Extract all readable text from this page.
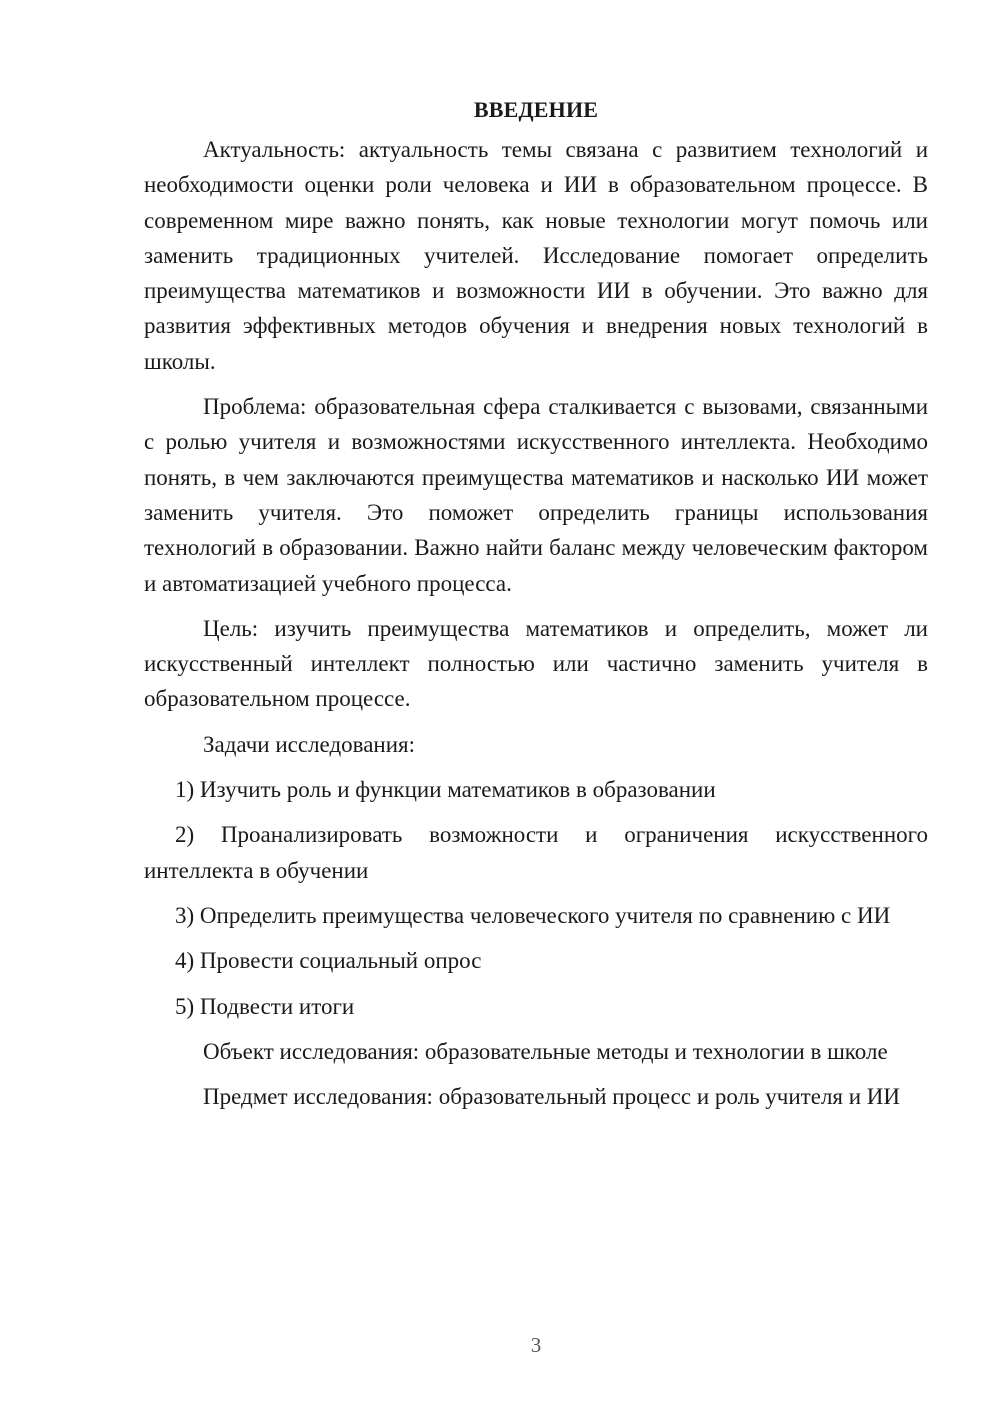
ВВЕДЕНИЕ

Актуальность: актуальность темы связана с развитием технологий и необходимости оценки роли человека и ИИ в образовательном процессе. В современном мире важно понять, как новые технологии могут помочь или заменить традиционных учителей. Исследование помогает определить преимущества математиков и возможности ИИ в обучении. Это важно для развития эффективных методов обучения и внедрения новых технологий в школы.

Проблема: образовательная сфера сталкивается с вызовами, связанными с ролью учителя и возможностями искусственного интеллекта. Необходимо понять, в чем заключаются преимущества математиков и насколько ИИ может заменить учителя. Это поможет определить границы использования технологий в образовании. Важно найти баланс между человеческим фактором и автоматизацией учебного процесса.

Цель: изучить преимущества математиков и определить, может ли искусственный интеллект полностью или частично заменить учителя в образовательном процессе.

Задачи исследования:

1) Изучить роль и функции математиков в образовании

2) Проанализировать возможности и ограничения искусственного интеллекта в обучении

3) Определить преимущества человеческого учителя по сравнению с ИИ

4) Провести социальный опрос

5) Подвести итоги

Объект исследования: образовательные методы и технологии в школе

Предмет исследования: образовательный процесс и роль учителя и ИИ

3
